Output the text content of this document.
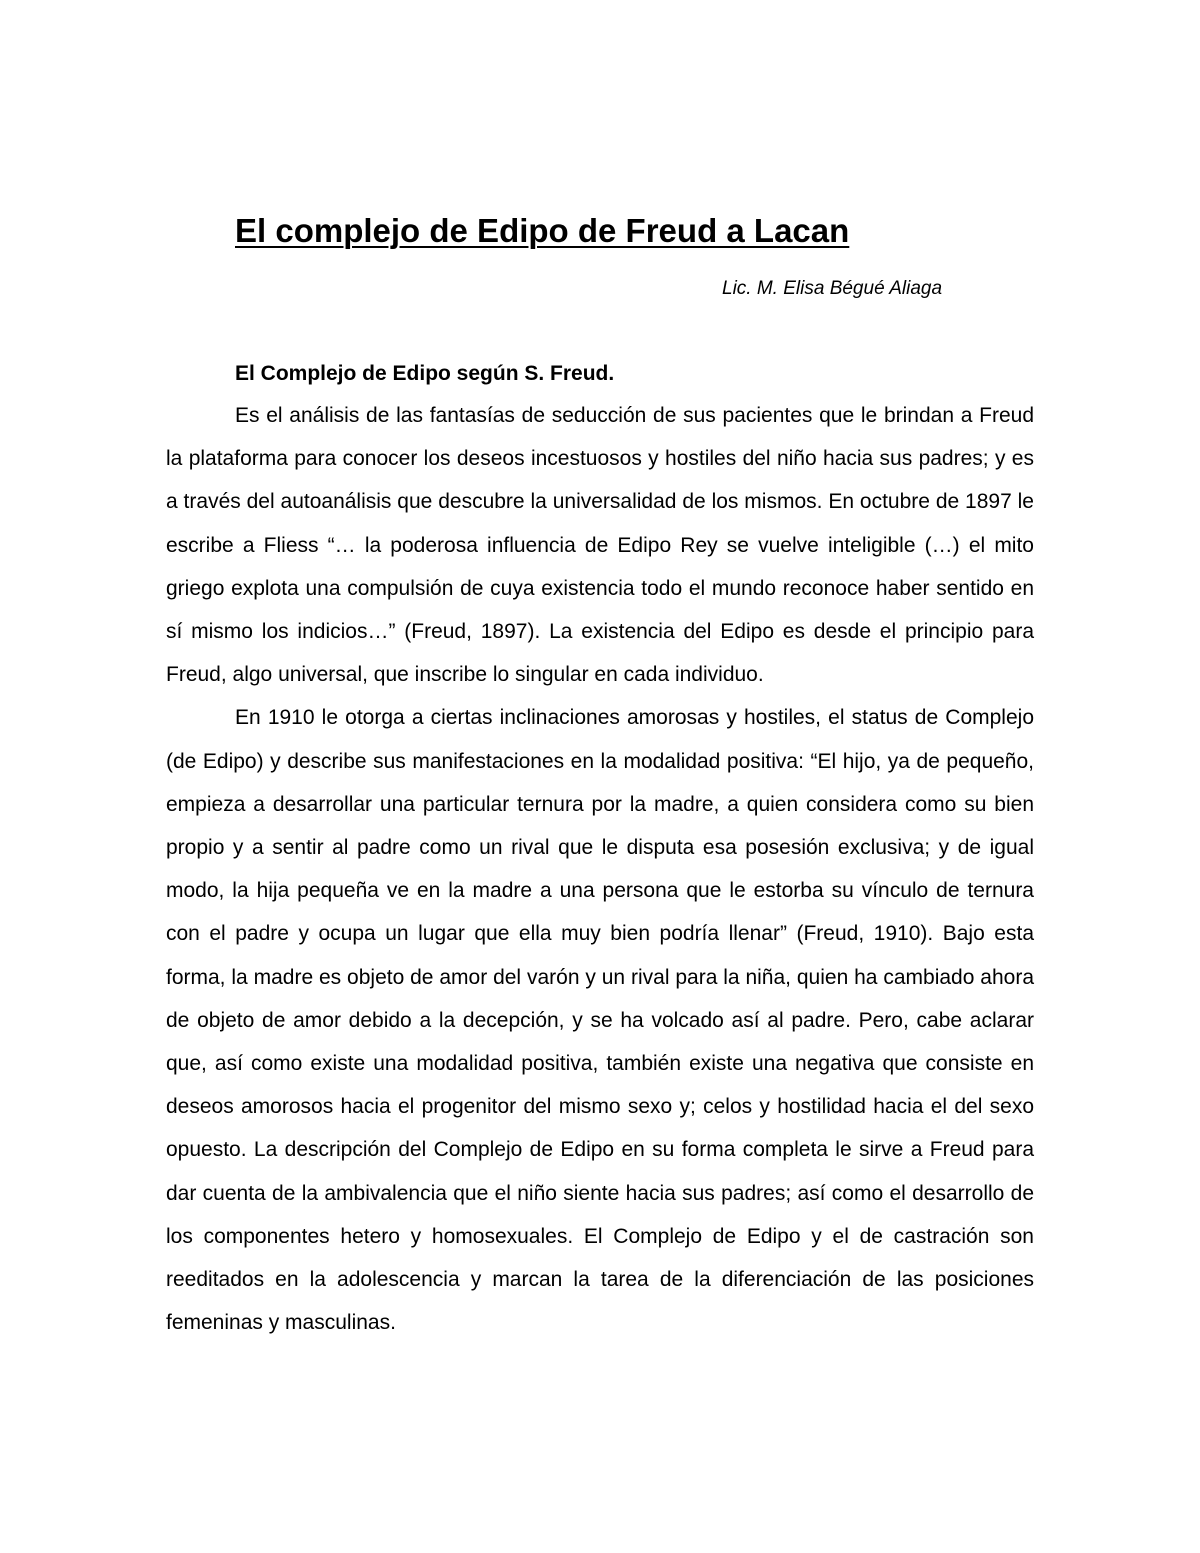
El complejo de Edipo de Freud a Lacan

Lic. M. Elisa Bégué Aliaga

El Complejo de Edipo según S. Freud.

Es el análisis de las fantasías de seducción de sus pacientes que le brindan a Freud la plataforma para conocer los deseos incestuosos y hostiles del niño hacia sus padres; y es a través del autoanálisis que descubre la universalidad de los mismos. En octubre de 1897 le escribe a Fliess “… la poderosa influencia de Edipo Rey se vuelve inteligible (…) el mito griego explota una compulsión de cuya existencia todo el mundo reconoce haber sentido en sí mismo los indicios…” (Freud, 1897). La existencia del Edipo es desde el principio para Freud, algo universal, que inscribe lo singular en cada individuo.

En 1910 le otorga a ciertas inclinaciones amorosas y hostiles, el status de Complejo (de Edipo) y describe sus manifestaciones en la modalidad positiva: “El hijo, ya de pequeño, empieza a desarrollar una particular ternura por la madre, a quien considera como su bien propio y a sentir al padre como un rival que le disputa esa posesión exclusiva; y de igual modo, la hija pequeña ve en la madre a una persona que le estorba su vínculo de ternura con el padre y ocupa un lugar que ella muy bien podría llenar” (Freud, 1910). Bajo esta forma, la madre es objeto de amor del varón y un rival para la niña, quien ha cambiado ahora de objeto de amor debido a la decepción, y se ha volcado así al padre. Pero, cabe aclarar que, así como existe una modalidad positiva, también existe una negativa que consiste en deseos amorosos hacia el progenitor del mismo sexo y; celos y hostilidad hacia el del sexo opuesto. La descripción del Complejo de Edipo en su forma completa le sirve a Freud para dar cuenta de la ambivalencia que el niño siente hacia sus padres; así como el desarrollo de los componentes hetero y homosexuales. El Complejo de Edipo y el de castración son reeditados en la adolescencia y marcan la tarea de la diferenciación de las posiciones femeninas y masculinas.
